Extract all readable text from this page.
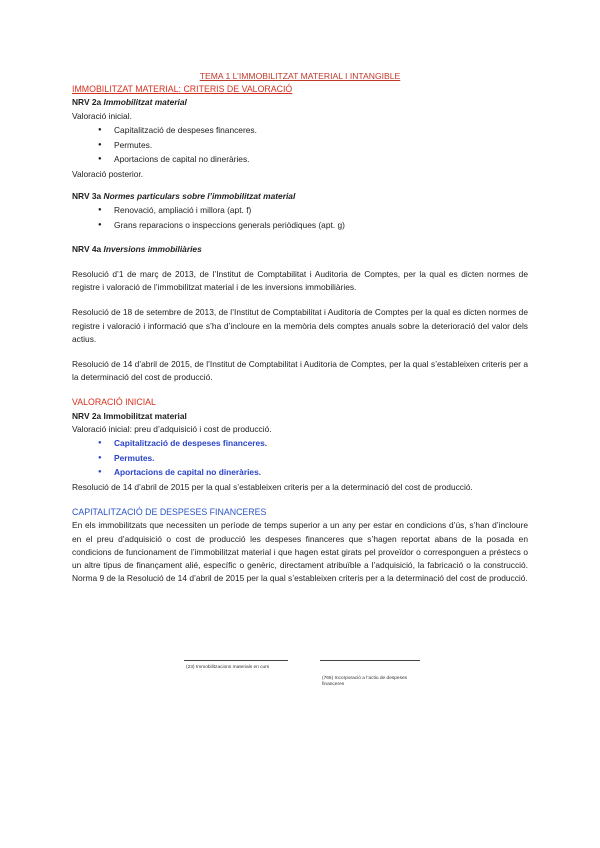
TEMA 1 L’IMMOBILITZAT MATERIAL I INTANGIBLE
IMMOBILITZAT MATERIAL: CRITERIS DE VALORACIÓ
NRV 2a Immobilitzat material
Valoració inicial.
● Capitalització de despeses financeres.
● Permutes.
● Aportacions de capital no dineràries.
Valoració posterior.
NRV 3a Normes particulars sobre l’immobilitzat material
● Renovació, ampliació i millora (apt. f)
● Grans reparacions o inspeccions generals periòdiques (apt. g)
NRV 4a Inversions immobiliàries
Resolució d’1 de març de 2013, de l’Institut de Comptabilitat i Auditoria de Comptes, per la qual es dicten normes de registre i valoració de l’immobilitzat material i de les inversions immobiliàries.
Resolució de 18 de setembre de 2013, de l’Institut de Comptabilitat i Auditoria de Comptes per la qual es dicten normes de registre i valoració i informació que s’ha d’incloure en la memòria dels comptes anuals sobre la deterioració del valor dels actius.
Resolució de 14 d’abril de 2015, de l’Institut de Comptabilitat i Auditoria de Comptes, per la qual s’estableixen criteris per a la determinació del cost de producció.
VALORACIÓ INICIAL
NRV 2a Immobilitzat material
Valoració inicial: preu d’adquisició i cost de producció.
● Capitalització de despeses financeres.
● Permutes.
● Aportacions de capital no dineràries.
Resolució de 14 d’abril de 2015 per la qual s’estableixen criteris per a la determinació del cost de producció.
CAPITALITZACIÓ DE DESPESES FINANCERES
En els immobilitzats que necessiten un període de temps superior a un any per estar en condicions d’ús, s’han d’incloure en el preu d’adquisició o cost de producció les despeses financeres que s’hagen reportat abans de la posada en condicions de funcionament de l’immobilitzat material i que hagen estat girats pel proveïdor o corresponguen a préstecs o un altre tipus de finançament alié, específic o genèric, directament atribuïble a l’adquisició, la fabricació o la construcció. Norma 9 de la Resolució de 14 d’abril de 2015 per la qual s’estableixen criteris per a la determinació del cost de producció.
(23) Immobilitzacions materials en curs
(765) Incorporació a l’actiu de despeses financeres
